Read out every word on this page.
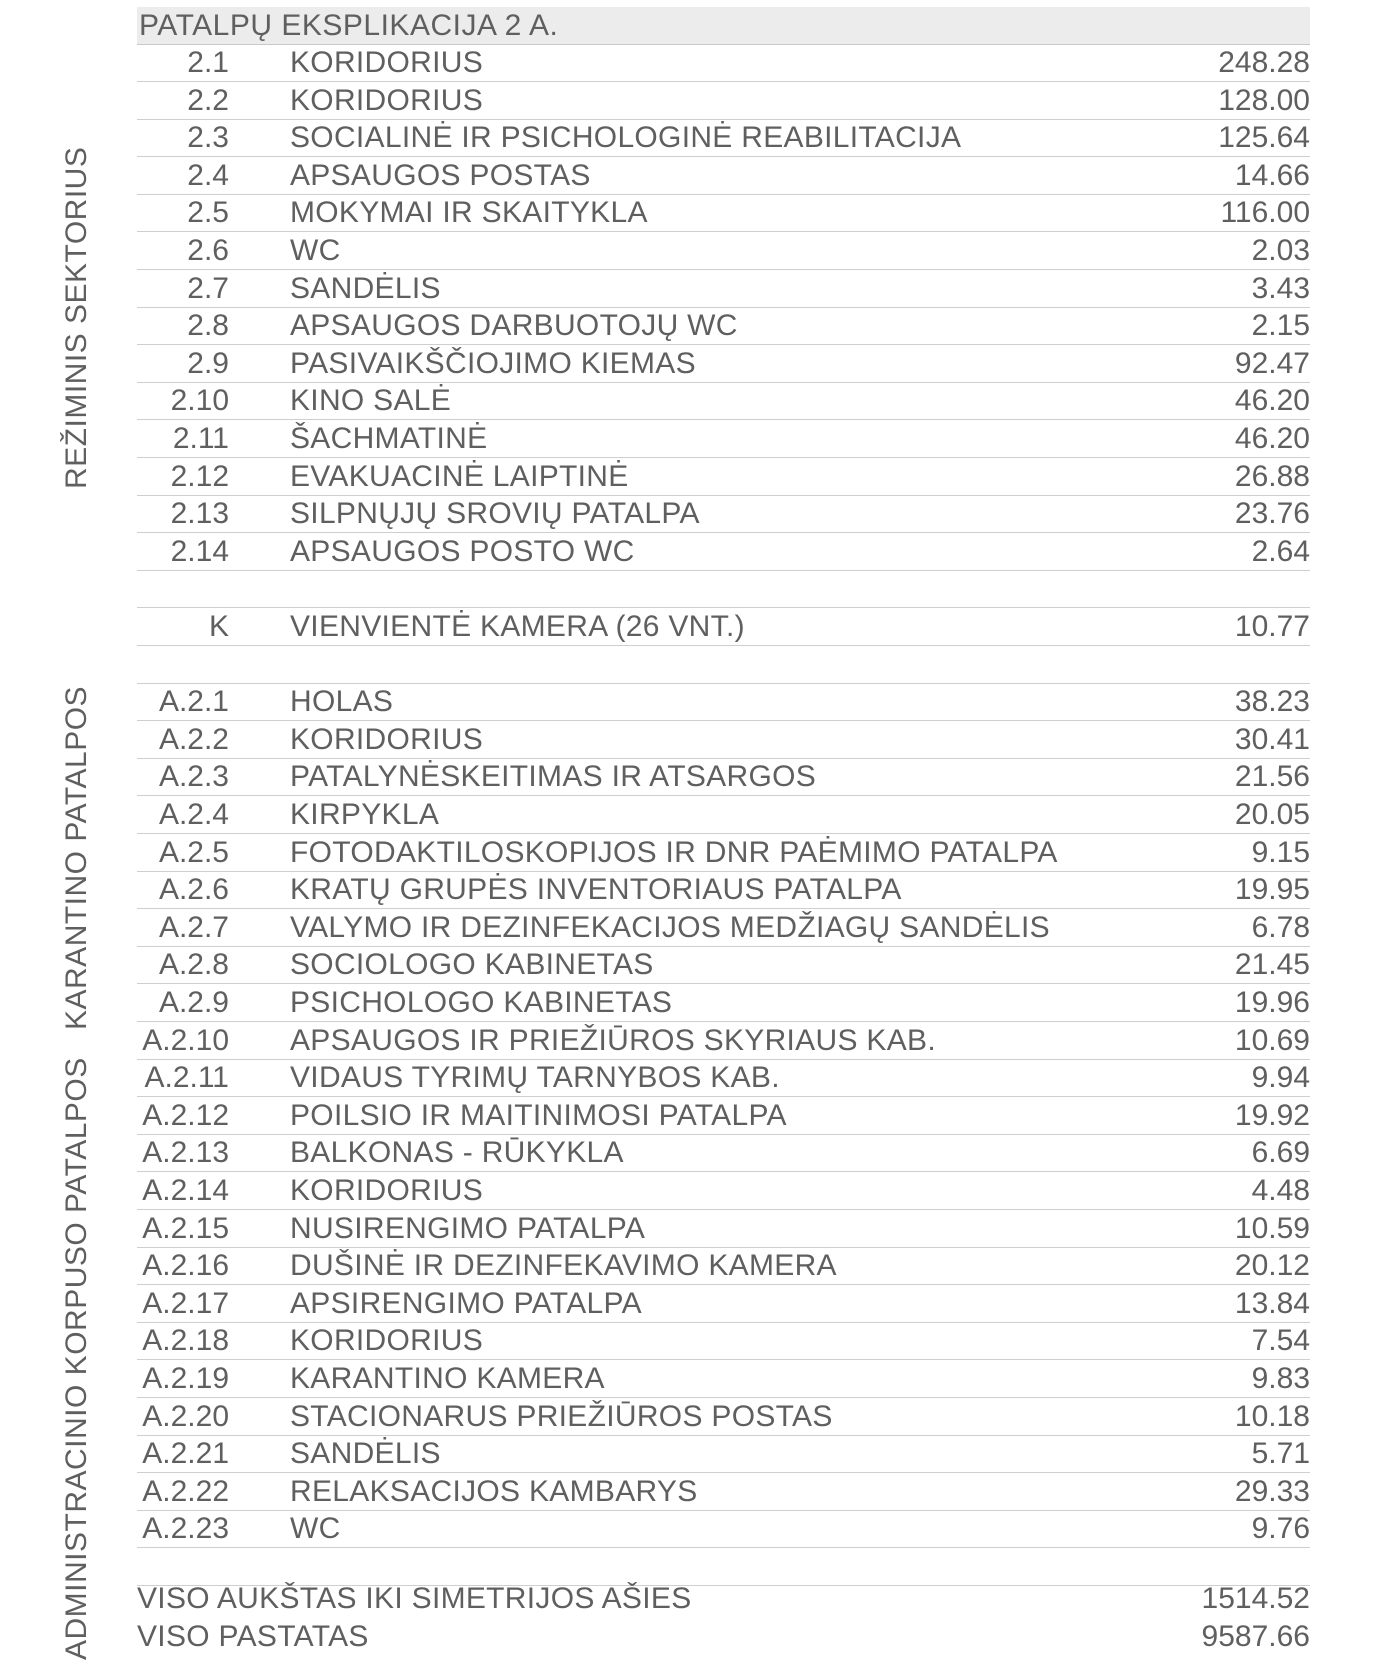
PATALPŲ EKSPLIKACIJA 2 A.
2.1 KORIDORIUS	248.28
2.2 KORIDORIUS	128.00
2.3 SOCIALINĖ IR PSICHOLOGINĖ REABILITACIJA	125.64
2.4 APSAUGOS POSTAS	14.66
2.5 MOKYMAI IR SKAITYKLA	116.00
2.6 WC	2.03
2.7 SANDĖLIS	3.43
2.8 APSAUGOS DARBUOTOJŲ WC	2.15
2.9 PASIVAIKŠČIOJIMO KIEMAS	92.47
2.10 KINO SALĖ	46.20
2.11 ŠACHMATINĖ	46.20
2.12 EVAKUACINĖ LAIPTINĖ	26.88
2.13 SILPNŲJŲ SROVIŲ PATALPA	23.76
2.14 APSAUGOS POSTO WC	2.64
K VIENVIENTĖ KAMERA (26 VNT.)	10.77
A.2.1 HOLAS	38.23
A.2.2 KORIDORIUS	30.41
A.2.3 PATALYNĖSKEITIMAS IR ATSARGOS	21.56
A.2.4 KIRPYKLA	20.05
A.2.5 FOTODAKTILOSKOPIJOS IR DNR PAĖMIMO PATALPA	9.15
A.2.6 KRATŲ GRUPĖS INVENTORIAUS PATALPA	19.95
A.2.7 VALYMO IR DEZINFEKACIJOS MEDŽIAGŲ SANDĖLIS	6.78
A.2.8 SOCIOLOGO KABINETAS	21.45
A.2.9 PSICHOLOGO KABINETAS	19.96
A.2.10 APSAUGOS IR PRIEŽIŪROS SKYRIAUS KAB.	10.69
A.2.11 VIDAUS TYRIMŲ TARNYBOS KAB.	9.94
A.2.12 POILSIO IR MAITINIMOSI PATALPA	19.92
A.2.13 BALKONAS - RŪKYKLA	6.69
A.2.14 KORIDORIUS	4.48
A.2.15 NUSIRENGIMO PATALPA	10.59
A.2.16 DUŠINĖ IR DEZINFEKAVIMO KAMERA	20.12
A.2.17 APSIRENGIMO PATALPA	13.84
A.2.18 KORIDORIUS	7.54
A.2.19 KARANTINO KAMERA	9.83
A.2.20 STACIONARUS PRIEŽIŪROS POSTAS	10.18
A.2.21 SANDĖLIS	5.71
A.2.22 RELAKSACIJOS KAMBARYS	29.33
A.2.23 WC	9.76
VISO AUKŠTAS IKI SIMETRIJOS AŠIES	1514.52
VISO PASTATAS	9587.66
REŽIMINIS SEKTORIUS
KARANTINO PATALPOS
ADMINISTRACINIO KORPUSO PATALPOS
